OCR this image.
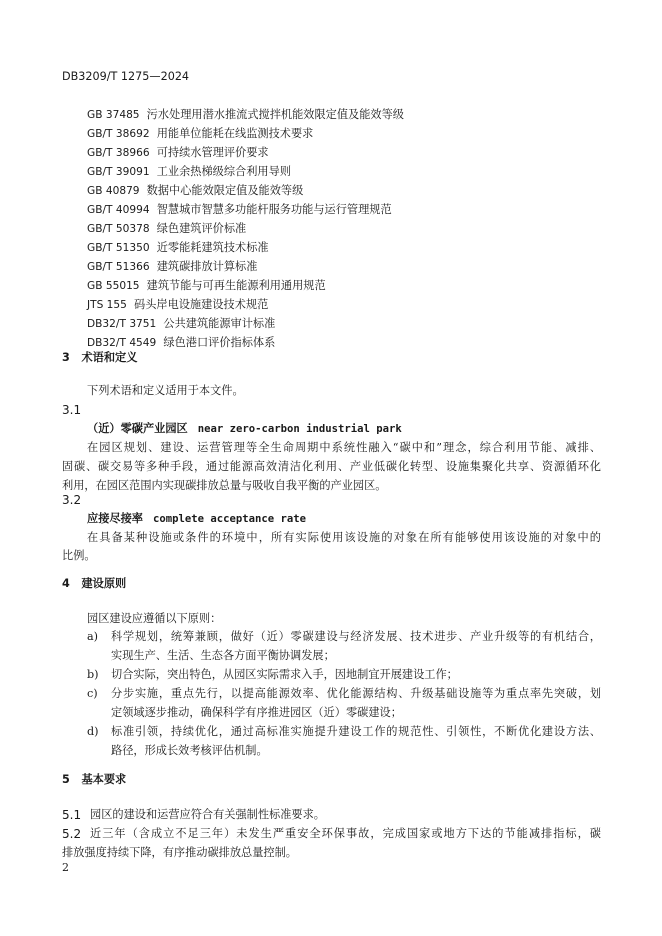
DB3209/T 1275—2024
GB 37485 污水处理用潜水推流式搅拌机能效限定值及能效等级
GB/T 38692 用能单位能耗在线监测技术要求
GB/T 38966 可持续水管理评价要求
GB/T 39091 工业余热梯级综合利用导则
GB 40879 数据中心能效限定值及能效等级
GB/T 40994 智慧城市智慧多功能杆服务功能与运行管理规范
GB/T 50378 绿色建筑评价标准
GB/T 51350 近零能耗建筑技术标准
GB/T 51366 建筑碳排放计算标准
GB 55015 建筑节能与可再生能源利用通用规范
JTS 155 码头岸电设施建设技术规范
DB32/T 3751 公共建筑能源审计标准
DB32/T 4549 绿色港口评价指标体系
3 术语和定义
下列术语和定义适用于本文件。
3.1
（近）零碳产业园区 near zero-carbon industrial park
在园区规划、建设、运营管理等全生命周期中系统性融入“碳中和”理念，综合利用节能、减排、
固碳、碳交易等多种手段，通过能源高效清洁化利用、产业低碳化转型、设施集聚化共享、资源循环化
利用，在园区范围内实现碳排放总量与吸收自我平衡的产业园区。
3.2
应接尽接率 complete acceptance rate
在具备某种设施或条件的环境中，所有实际使用该设施的对象在所有能够使用该设施的对象中的
比例。
4 建设原则
园区建设应遵循以下原则：
a) 科学规划，统筹兼顾，做好（近）零碳建设与经济发展、技术进步、产业升级等的有机结合，
实现生产、生活、生态各方面平衡协调发展；
b) 切合实际，突出特色，从园区实际需求入手，因地制宜开展建设工作；
c) 分步实施，重点先行，以提高能源效率、优化能源结构、升级基础设施等为重点率先突破，划
定领域逐步推动，确保科学有序推进园区（近）零碳建设；
d) 标准引领，持续优化，通过高标准实施提升建设工作的规范性、引领性，不断优化建设方法、
路径，形成长效考核评估机制。
5 基本要求
5.1 园区的建设和运营应符合有关强制性标准要求。
5.2 近三年（含成立不足三年）未发生严重安全环保事故，完成国家或地方下达的节能减排指标，碳
排放强度持续下降，有序推动碳排放总量控制。
2
